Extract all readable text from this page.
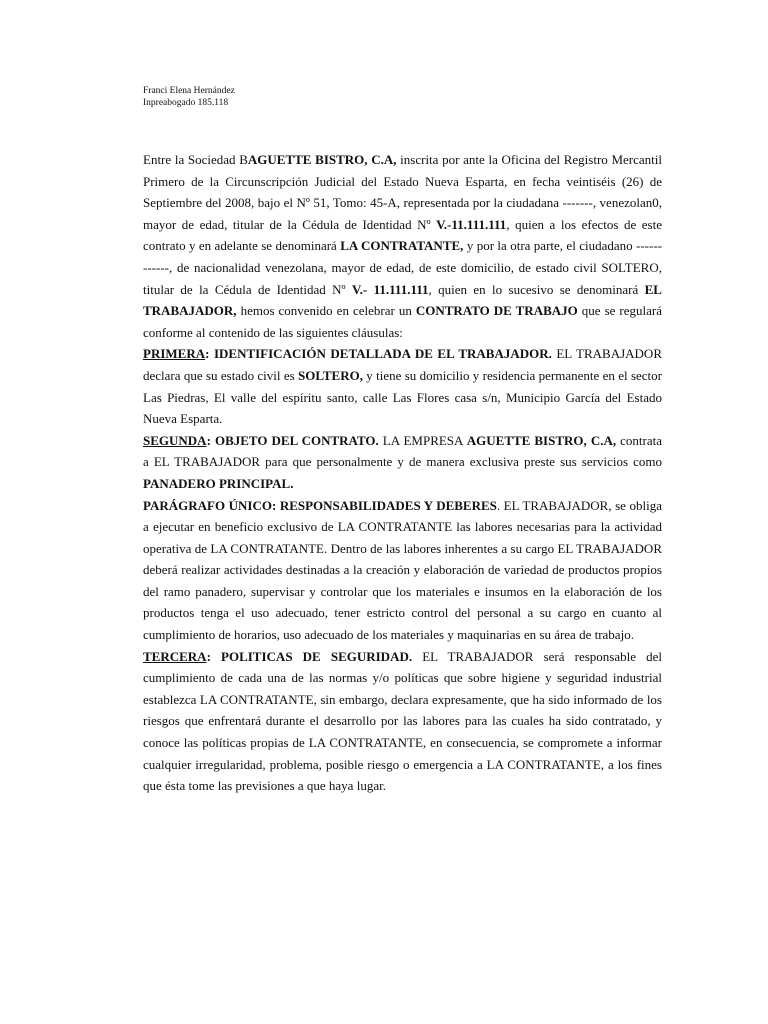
Franci Elena Hernández
Inpreabogado 185.118

Entre la Sociedad BAGUETTE BISTRO, C.A, inscrita por ante la Oficina del Registro Mercantil Primero de la Circunscripción Judicial del Estado Nueva Esparta, en fecha veintiséis (26) de Septiembre del 2008, bajo el Nº 51, Tomo: 45-A, representada por la ciudadana -------, venezolan0, mayor de edad, titular de la Cédula de Identidad Nº V.-11.111.111, quien a los efectos de este contrato y en adelante se denominará LA CONTRATANTE, y por la otra parte, el ciudadano ------------, de nacionalidad venezolana, mayor de edad, de este domicilio, de estado civil SOLTERO, titular de la Cédula de Identidad Nº V.- 11.111.111, quien en lo sucesivo se denominará EL TRABAJADOR, hemos convenido en celebrar un CONTRATO DE TRABAJO que se regulará conforme al contenido de las siguientes cláusulas:

PRIMERA: IDENTIFICACIÓN DETALLADA DE EL TRABAJADOR. EL TRABAJADOR declara que su estado civil es SOLTERO, y tiene su domicilio y residencia permanente en el sector Las Piedras, El valle del espíritu santo, calle Las Flores casa s/n, Municipio García del Estado Nueva Esparta.

SEGUNDA: OBJETO DEL CONTRATO. LA EMPRESA AGUETTE BISTRO, C.A, contrata a EL TRABAJADOR para que personalmente y de manera exclusiva preste sus servicios como PANADERO PRINCIPAL.

PARÁGRAFO ÚNICO: RESPONSABILIDADES Y DEBERES. EL TRABAJADOR, se obliga a ejecutar en beneficio exclusivo de LA CONTRATANTE las labores necesarias para la actividad operativa de LA CONTRATANTE. Dentro de las labores inherentes a su cargo EL TRABAJADOR deberá realizar actividades destinadas a la creación y elaboración de variedad de productos propios del ramo panadero, supervisar y controlar que los materiales e insumos en la elaboración de los productos tenga el uso adecuado, tener estricto control del personal a su cargo en cuanto al cumplimiento de horarios, uso adecuado de los materiales y maquinarias en su área de trabajo.

TERCERA: POLITICAS DE SEGURIDAD. EL TRABAJADOR será responsable del cumplimiento de cada una de las normas y/o políticas que sobre higiene y seguridad industrial establezca LA CONTRATANTE, sin embargo, declara expresamente, que ha sido informado de los riesgos que enfrentará durante el desarrollo por las labores para las cuales ha sido contratado, y conoce las políticas propias de LA CONTRATANTE, en consecuencia, se compromete a informar cualquier irregularidad, problema, posible riesgo o emergencia a LA CONTRATANTE, a los fines que ésta tome las previsiones a que haya lugar.
